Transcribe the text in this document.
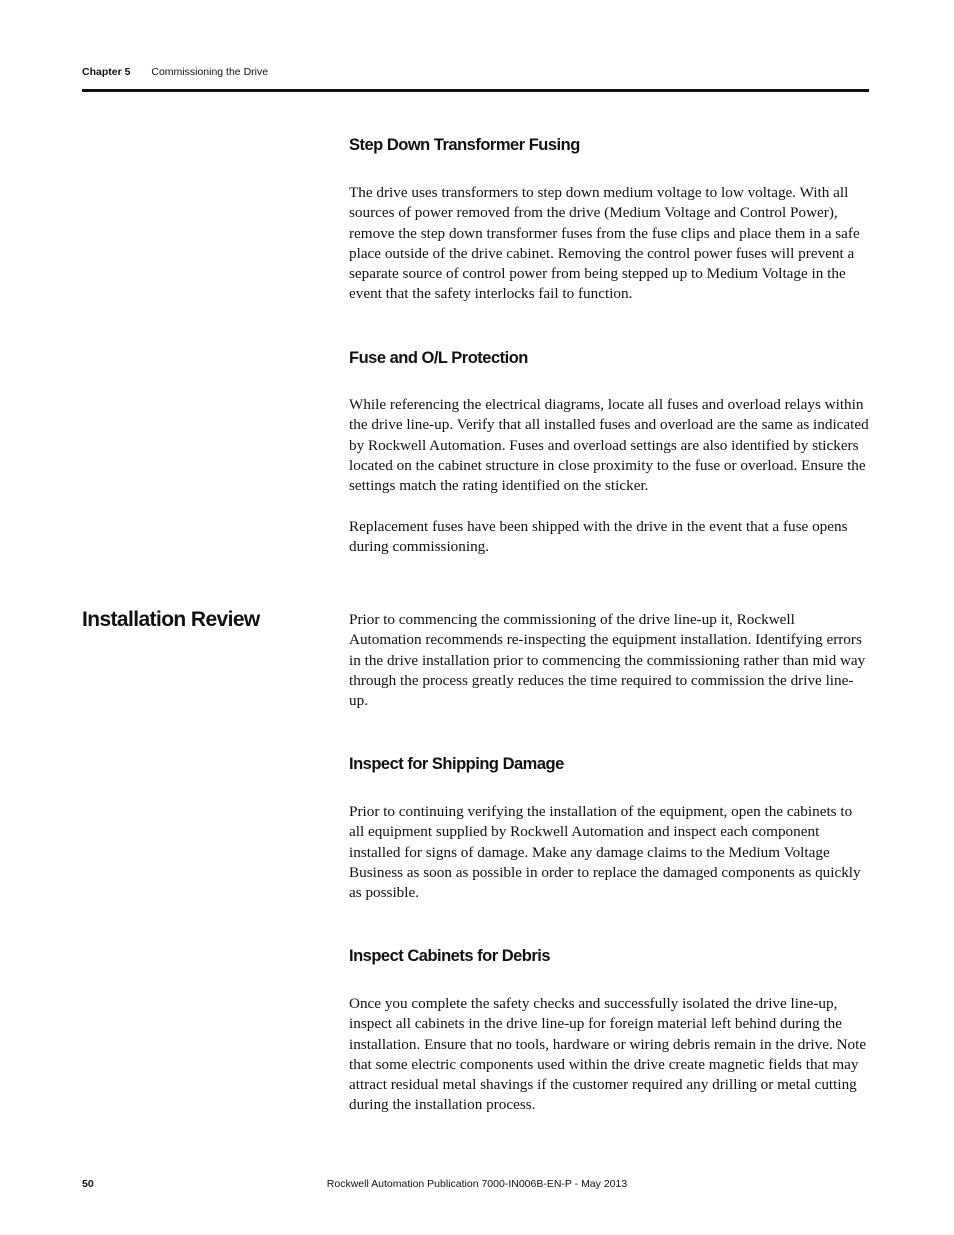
Chapter 5 Commissioning the Drive
Installation Review
Step Down Transformer Fusing

The drive uses transformers to step down medium voltage to low voltage. With all sources of power removed from the drive (Medium Voltage and Control Power), remove the step down transformer fuses from the fuse clips and place them in a safe place outside of the drive cabinet. Removing the control power fuses will prevent a separate source of control power from being stepped up to Medium Voltage in the event that the safety interlocks fail to function.

Fuse and O/L Protection

While referencing the electrical diagrams, locate all fuses and overload relays within the drive line-up. Verify that all installed fuses and overload are the same as indicated by Rockwell Automation. Fuses and overload settings are also identified by stickers located on the cabinet structure in close proximity to the fuse or overload. Ensure the settings match the rating identified on the sticker.

Replacement fuses have been shipped with the drive in the event that a fuse opens during commissioning.

Prior to commencing the commissioning of the drive line-up it, Rockwell Automation recommends re-inspecting the equipment installation. Identifying errors in the drive installation prior to commencing the commissioning rather than mid way through the process greatly reduces the time required to commission the drive line-up.

Inspect for Shipping Damage

Prior to continuing verifying the installation of the equipment, open the cabinets to all equipment supplied by Rockwell Automation and inspect each component installed for signs of damage. Make any damage claims to the Medium Voltage Business as soon as possible in order to replace the damaged components as quickly as possible.

Inspect Cabinets for Debris

Once you complete the safety checks and successfully isolated the drive line-up, inspect all cabinets in the drive line-up for foreign material left behind during the installation. Ensure that no tools, hardware or wiring debris remain in the drive. Note that some electric components used within the drive create magnetic fields that may attract residual metal shavings if the customer required any drilling or metal cutting during the installation process.

50	Rockwell Automation Publication 7000-IN006B-EN-P - May 2013
